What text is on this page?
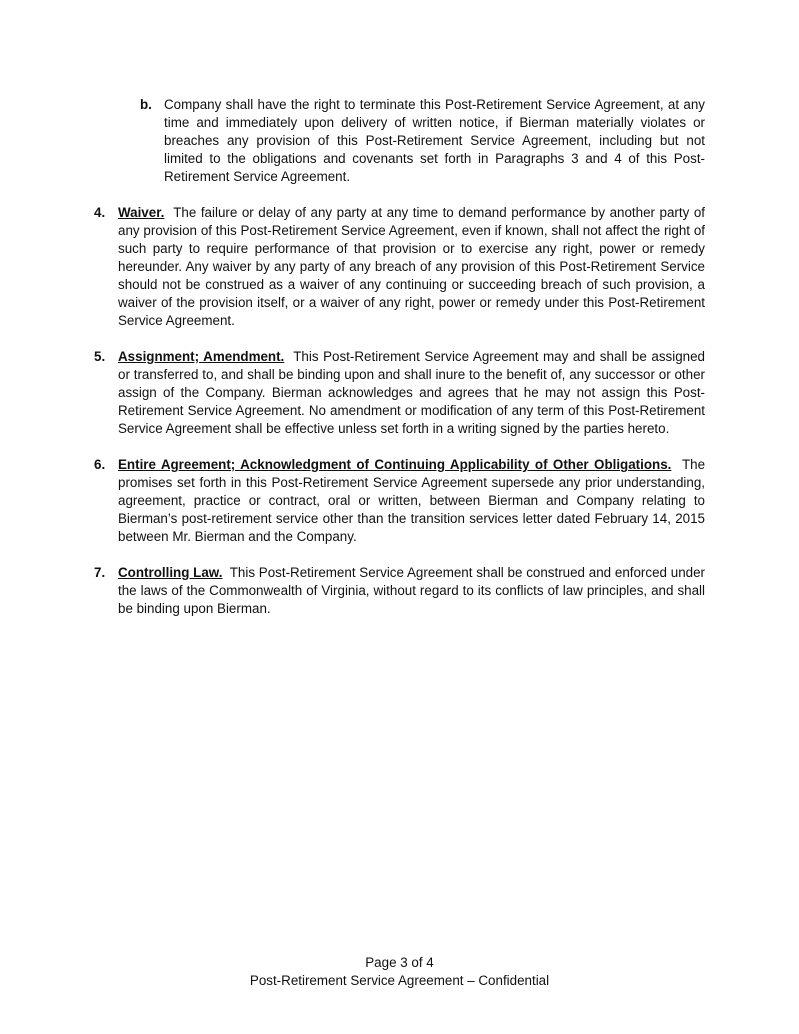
b. Company shall have the right to terminate this Post-Retirement Service Agreement, at any time and immediately upon delivery of written notice, if Bierman materially violates or breaches any provision of this Post-Retirement Service Agreement, including but not limited to the obligations and covenants set forth in Paragraphs 3 and 4 of this Post-Retirement Service Agreement.
4. Waiver. The failure or delay of any party at any time to demand performance by another party of any provision of this Post-Retirement Service Agreement, even if known, shall not affect the right of such party to require performance of that provision or to exercise any right, power or remedy hereunder. Any waiver by any party of any breach of any provision of this Post-Retirement Service should not be construed as a waiver of any continuing or succeeding breach of such provision, a waiver of the provision itself, or a waiver of any right, power or remedy under this Post-Retirement Service Agreement.
5. Assignment; Amendment. This Post-Retirement Service Agreement may and shall be assigned or transferred to, and shall be binding upon and shall inure to the benefit of, any successor or other assign of the Company. Bierman acknowledges and agrees that he may not assign this Post-Retirement Service Agreement. No amendment or modification of any term of this Post-Retirement Service Agreement shall be effective unless set forth in a writing signed by the parties hereto.
6. Entire Agreement; Acknowledgment of Continuing Applicability of Other Obligations. The promises set forth in this Post-Retirement Service Agreement supersede any prior understanding, agreement, practice or contract, oral or written, between Bierman and Company relating to Bierman’s post-retirement service other than the transition services letter dated February 14, 2015 between Mr. Bierman and the Company.
7. Controlling Law. This Post-Retirement Service Agreement shall be construed and enforced under the laws of the Commonwealth of Virginia, without regard to its conflicts of law principles, and shall be binding upon Bierman.
Page 3 of 4
Post-Retirement Service Agreement – Confidential
